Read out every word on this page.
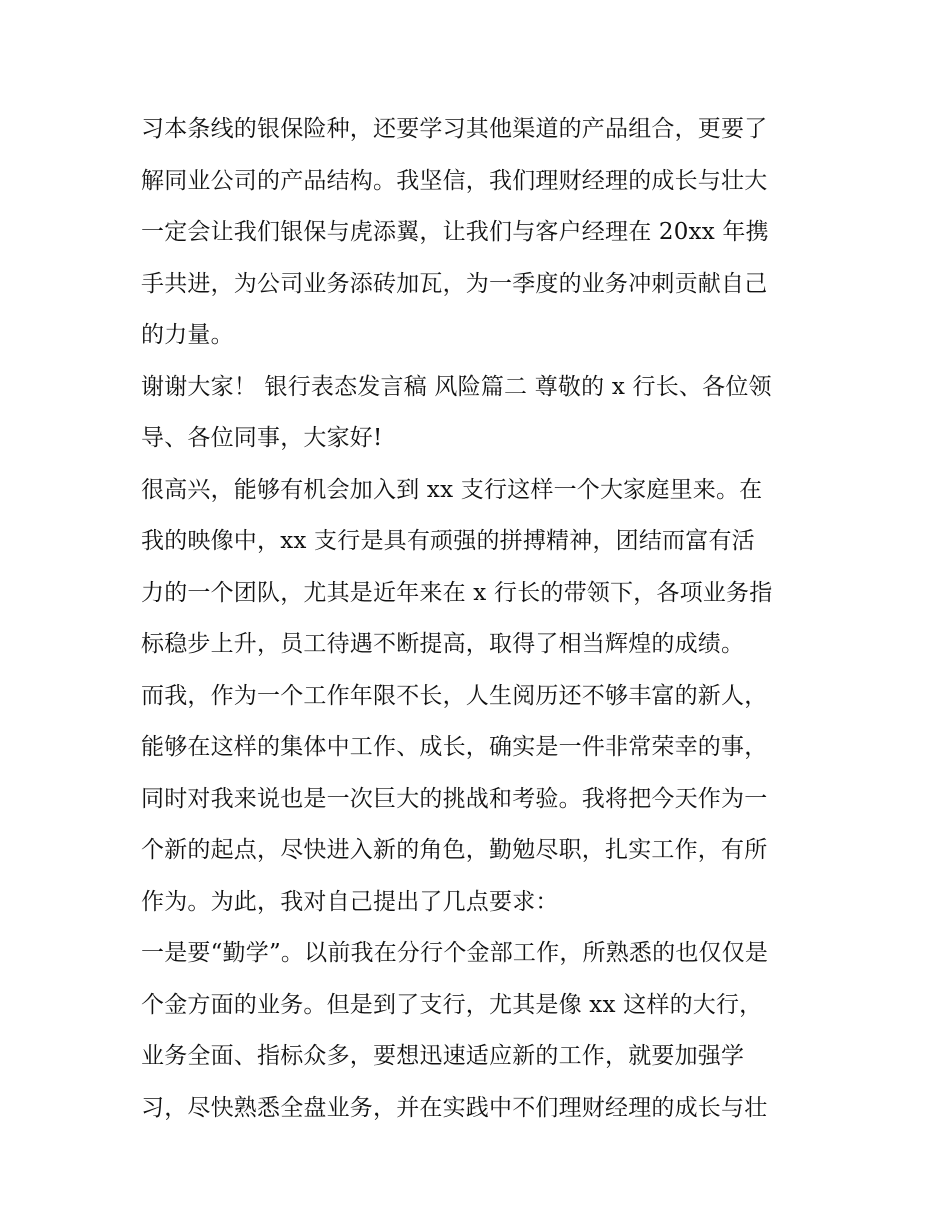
习本条线的银保险种，还要学习其他渠道的产品组合，更要了
解同业公司的产品结构。我坚信，我们理财经理的成长与壮大
一定会让我们银保与虎添翼，让我们与客户经理在 20xx 年携
手共进，为公司业务添砖加瓦，为一季度的业务冲刺贡献自己
的力量。
谢谢大家！ 银行表态发言稿 风险篇二 尊敬的 x 行长、各位领
导、各位同事，大家好!
很高兴，能够有机会加入到 xx 支行这样一个大家庭里来。在
我的映像中，xx 支行是具有顽强的拼搏精神，团结而富有活
力的一个团队，尤其是近年来在 x 行长的带领下，各项业务指
标稳步上升，员工待遇不断提高，取得了相当辉煌的成绩。
而我，作为一个工作年限不长，人生阅历还不够丰富的新人，
能够在这样的集体中工作、成长，确实是一件非常荣幸的事，
同时对我来说也是一次巨大的挑战和考验。我将把今天作为一
个新的起点，尽快进入新的角色，勤勉尽职，扎实工作，有所
作为。为此，我对自己提出了几点要求：
一是要“勤学”。以前我在分行个金部工作，所熟悉的也仅仅是
个金方面的业务。但是到了支行，尤其是像 xx 这样的大行，
业务全面、指标众多，要想迅速适应新的工作，就要加强学
习，尽快熟悉全盘业务，并在实践中不们理财经理的成长与壮
